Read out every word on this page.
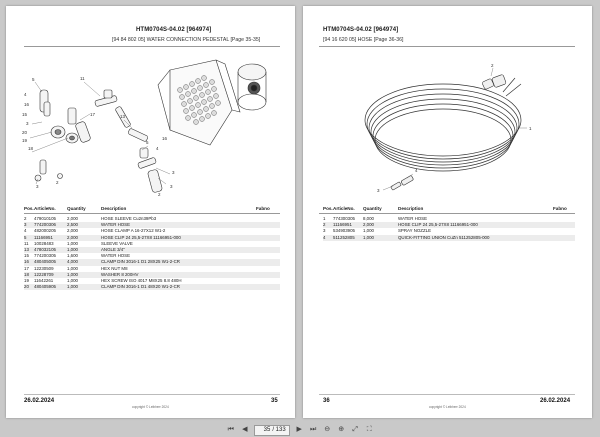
HTM0704S-04.02 [964974]
[94 84 802 05] WATER CONNECTION PEDESTAL [Page 35-35]
5
4
16
15
3
20
19
18
3
11
17	13
2
5
4
16
3
2
3
Pos. ArticleNo. Quantity	Description	Fabno
2 479010105	2,000	HOSE SLEEVE Cu2n39Pb3
3 774200306	2,500	WATER HOSE
4 482000205	2,000	HOSE CLAMP A 16-27X12 W1-2
5 11166951	2,000	HOSE CLIP 24 25,5-27X8 11166951-000
11 10028483	1,000	SLEEVE VALVE
13 478032105	1,000	ANGLE 3/4"
15 774200305	1,600	WATER HOSE
16 480405005	4,000	CLAMP DIN 3016-1 D1 28X25 W1-2-CR
17 12230509	1,000	HEX NUT M8
18 12228709	1,000	WASHER 8 200HV
19 11642261	1,000	HEX SCREW ISO 4017 M8X25 8.8 480H
20 480405905	1,000	CLAMP DIN 3016-1 D1 48X20 W1-2-CR
26.02.2024
copyright © Leibherr 2024
35
HTM0704S-04.02 [964974]
[94 16 620 05] HOSE [Page 36-36]
2
1
3
4
Pos. ArticleNo. Quantity	Description	Fabno
1 774300305 8,000	WATER HOSE
2 11166951	2,000	HOSE CLIP 24 25,5-27X8 11166951-000
3 534903905 1,000	SPRAY NOZZLE
4 511252805 1,000	QUICK-FITTING UNION CuZn 511252805-000
36
copyright © Leibherr 2024
26.02.2024
⏮ ◀	35 / 133 ▶ ⏭ ⊖ ⊕ ⤢ ⛶
